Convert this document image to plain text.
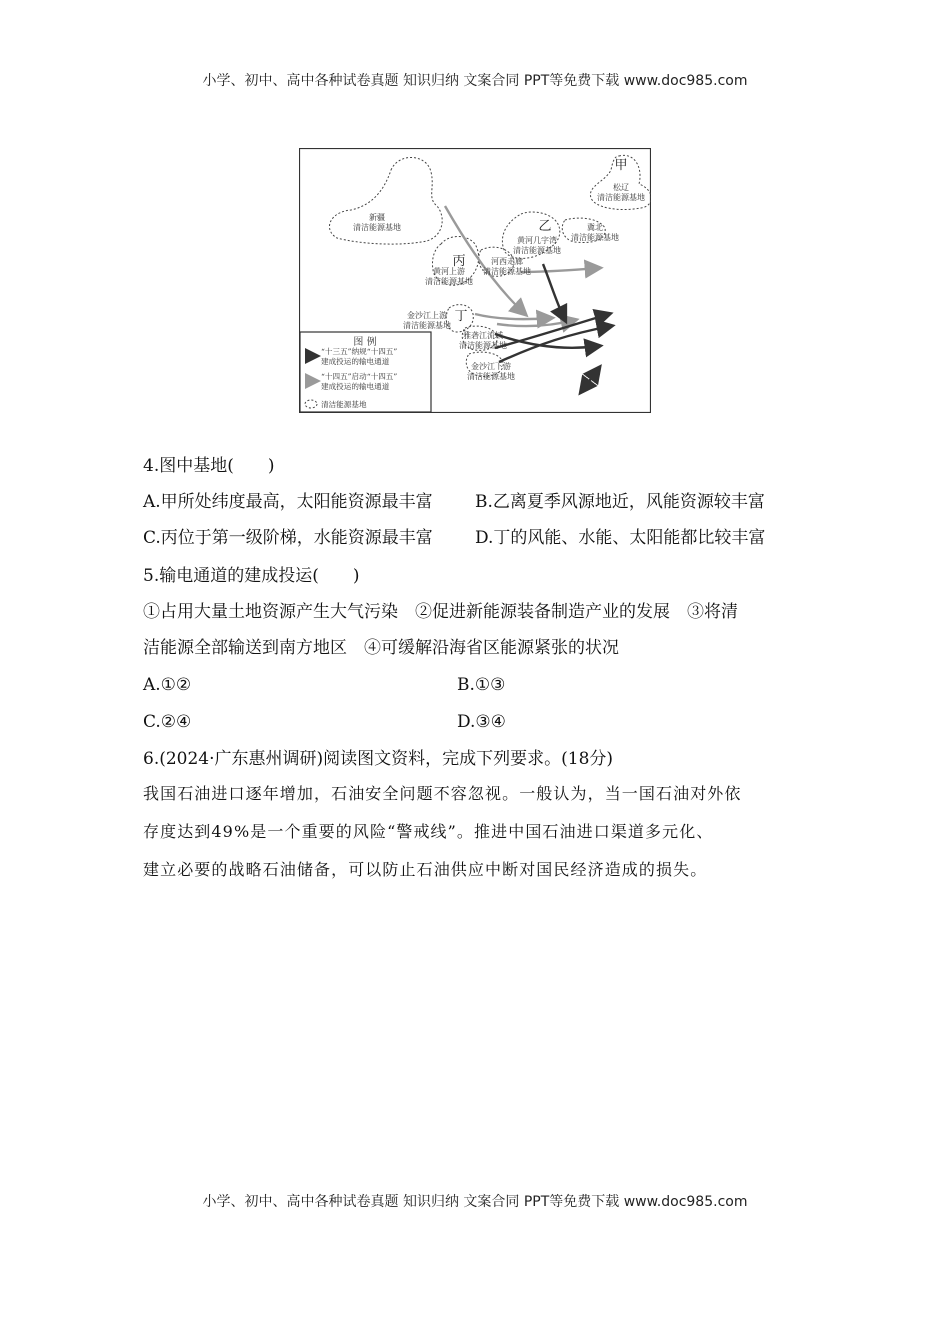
小学、初中、高中各种试卷真题 知识归纳 文案合同 PPT等免费下载 www.doc985.com
甲
松辽
清洁能源基地
新疆
清洁能源基地	乙
黄河几字湾
清洁能源基地
冀北
清洁能源基地
丙
黄河上游
清洁能源基地
河西走廊
清洁能源基地
丁
金沙江上游
清洁能源基地
雅砻江流域
清洁能源基地
金沙江下游
清洁能源基地
图 例
“十三五”纳规“十四五”
建成投运的输电通道
“十四五”启动“十四五”
建成投运的输电通道
清洁能源基地
4.图中基地(　　)
A.甲所处纬度最高，太阳能资源最丰富 B.乙离夏季风源地近，风能资源较丰富
C.丙位于第一级阶梯，水能资源最丰富 D.丁的风能、水能、太阳能都比较丰富
5.输电通道的建成投运(　　)
①占用大量土地资源产生大气污染　②促进新能源装备制造产业的发展　③将清
洁能源全部输送到南方地区　④可缓解沿海省区能源紧张的状况
A.①②	B.①③
C.②④	D.③④
6.(2024·广东惠州调研)阅读图文资料，完成下列要求。(18分)
我国石油进口逐年增加，石油安全问题不容忽视。一般认为，当一国石油对外依
存度达到49%是一个重要的风险“警戒线”。推进中国石油进口渠道多元化、
建立必要的战略石油储备，可以防止石油供应中断对国民经济造成的损失。
小学、初中、高中各种试卷真题 知识归纳 文案合同 PPT等免费下载 www.doc985.com
